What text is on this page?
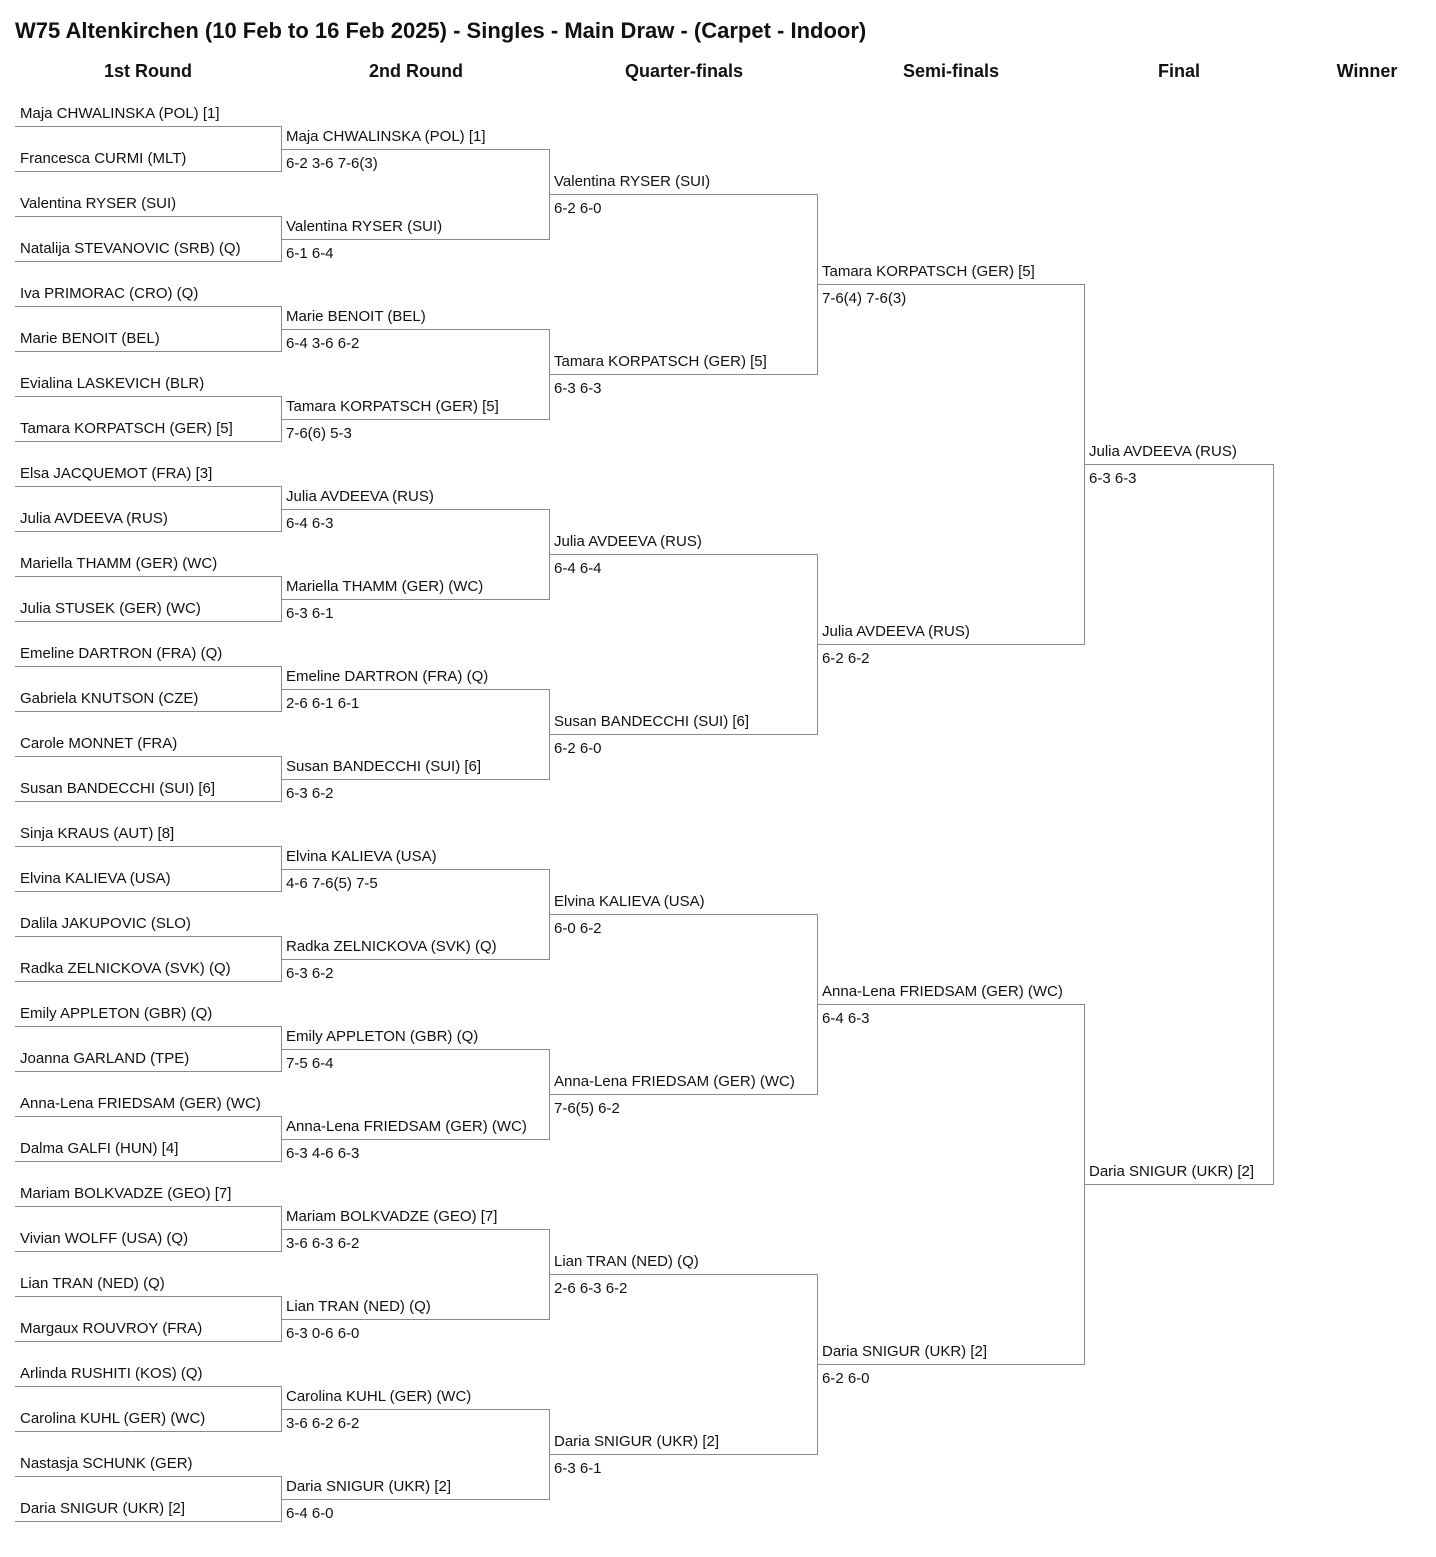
W75 Altenkirchen (10 Feb to 16 Feb 2025) - Singles - Main Draw - (Carpet - Indoor)
1st Round	2nd Round	Quarter-finals	Semi-finals	Final	Winner
Maja CHWALINSKA (POL) [1]
Francesca CURMI (MLT)
Valentina RYSER (SUI)
Natalija STEVANOVIC (SRB) (Q)
Iva PRIMORAC (CRO) (Q)
Marie BENOIT (BEL)
Evialina LASKEVICH (BLR)
Tamara KORPATSCH (GER) [5]
Elsa JACQUEMOT (FRA) [3]
Julia AVDEEVA (RUS)
Mariella THAMM (GER) (WC)
Julia STUSEK (GER) (WC)
Emeline DARTRON (FRA) (Q)
Gabriela KNUTSON (CZE)
Carole MONNET (FRA)
Susan BANDECCHI (SUI) [6]
Sinja KRAUS (AUT) [8]
Elvina KALIEVA (USA)
Dalila JAKUPOVIC (SLO)
Radka ZELNICKOVA (SVK) (Q)
Emily APPLETON (GBR) (Q)
Joanna GARLAND (TPE)
Anna-Lena FRIEDSAM (GER) (WC)
Dalma GALFI (HUN) [4]
Mariam BOLKVADZE (GEO) [7]
Vivian WOLFF (USA) (Q)
Lian TRAN (NED) (Q)
Margaux ROUVROY (FRA)
Arlinda RUSHITI (KOS) (Q)
Carolina KUHL (GER) (WC)
Nastasja SCHUNK (GER)
Daria SNIGUR (UKR) [2]
Maja CHWALINSKA (POL) [1]
6-2 3-6 7-6(3)
Valentina RYSER (SUI)
6-1 6-4
Marie BENOIT (BEL)
6-4 3-6 6-2
Tamara KORPATSCH (GER) [5]
7-6(6) 5-3
Julia AVDEEVA (RUS)
6-4 6-3
Mariella THAMM (GER) (WC)
6-3 6-1
Emeline DARTRON (FRA) (Q)
2-6 6-1 6-1
Susan BANDECCHI (SUI) [6]
6-3 6-2
Elvina KALIEVA (USA)
4-6 7-6(5) 7-5
Radka ZELNICKOVA (SVK) (Q)
6-3 6-2
Emily APPLETON (GBR) (Q)
7-5 6-4
Anna-Lena FRIEDSAM (GER) (WC)
6-3 4-6 6-3
Mariam BOLKVADZE (GEO) [7]
3-6 6-3 6-2
Lian TRAN (NED) (Q)
6-3 0-6 6-0
Carolina KUHL (GER) (WC)
3-6 6-2 6-2
Daria SNIGUR (UKR) [2]
6-4 6-0
Valentina RYSER (SUI)
6-2 6-0
Tamara KORPATSCH (GER) [5]
6-3 6-3
Julia AVDEEVA (RUS)
6-4 6-4
Susan BANDECCHI (SUI) [6]
6-2 6-0
Elvina KALIEVA (USA)
6-0 6-2
Anna-Lena FRIEDSAM (GER) (WC)
7-6(5) 6-2
Lian TRAN (NED) (Q)
2-6 6-3 6-2
Daria SNIGUR (UKR) [2]
6-3 6-1
Tamara KORPATSCH (GER) [5]
7-6(4) 7-6(3)
Julia AVDEEVA (RUS)
6-2 6-2
Anna-Lena FRIEDSAM (GER) (WC)
6-4 6-3
Daria SNIGUR (UKR) [2]
6-2 6-0
Julia AVDEEVA (RUS)
6-3 6-3
Daria SNIGUR (UKR) [2]
